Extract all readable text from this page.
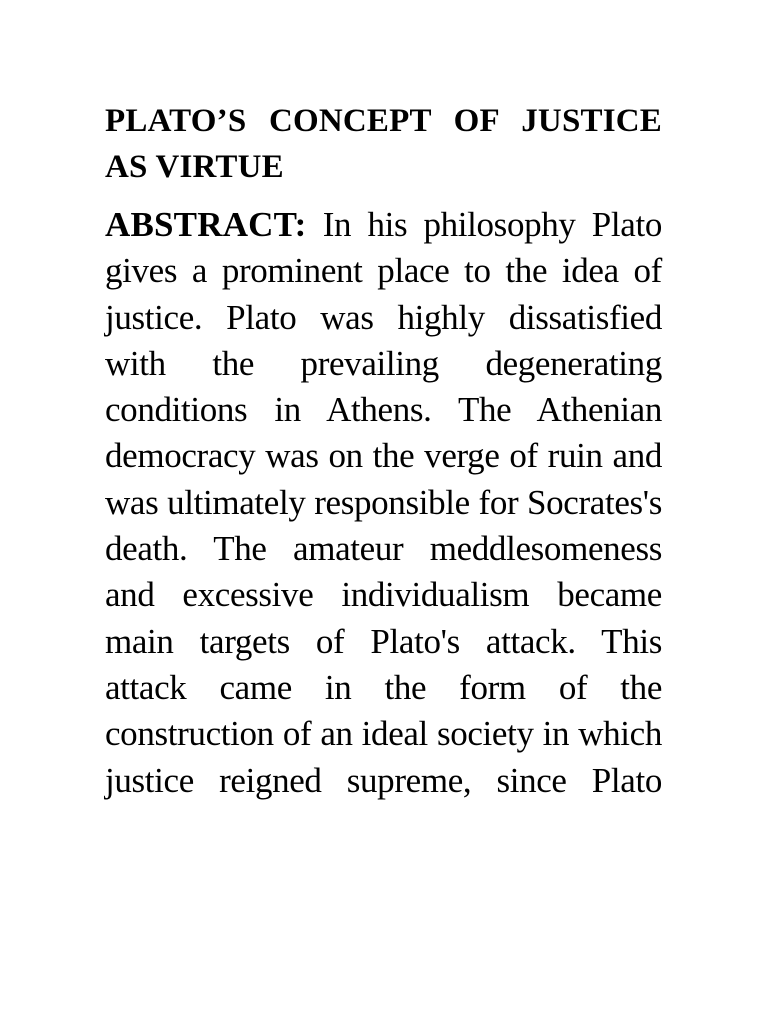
PLATO’S CONCEPT OF JUSTICE AS VIRTUE

ABSTRACT: In his philosophy Plato gives a prominent place to the idea of justice. Plato was highly dissatisfied with the prevailing degenerating conditions in Athens. The Athenian democracy was on the verge of ruin and was ultimately responsible for Socrates's death. The amateur meddlesomeness and excessive individualism became main targets of Plato's attack. This attack came in the form of the construction of an ideal society in which justice reigned supreme, since Plato
